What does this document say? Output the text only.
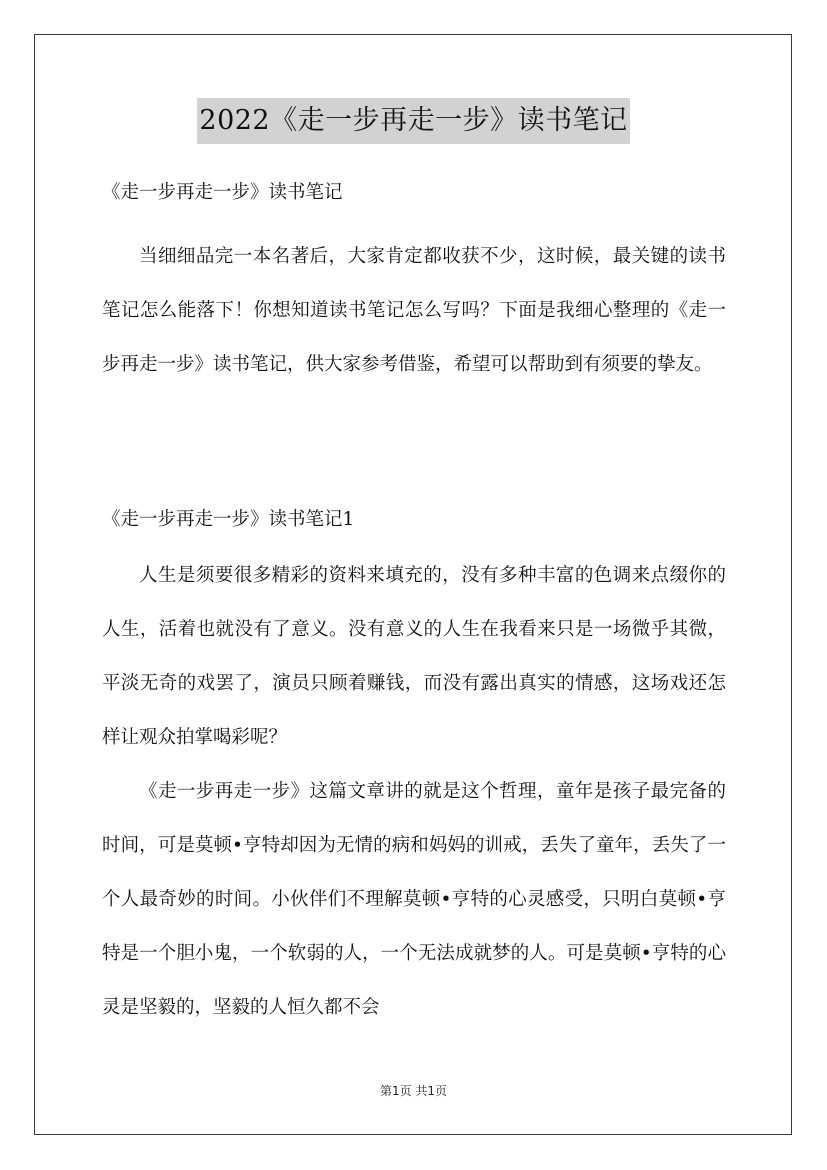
2022《走一步再走一步》读书笔记
《走一步再走一步》读书笔记
当细细品完一本名著后，大家肯定都收获不少，这时候，最关键的读书笔记怎么能落下！你想知道读书笔记怎么写吗？下面是我细心整理的《走一步再走一步》读书笔记，供大家参考借鉴，希望可以帮助到有须要的挚友。
《走一步再走一步》读书笔记1
人生是须要很多精彩的资料来填充的，没有多种丰富的色调来点缀你的人生，活着也就没有了意义。没有意义的人生在我看来只是一场微乎其微，平淡无奇的戏罢了，演员只顾着赚钱，而没有露出真实的情感，这场戏还怎样让观众拍掌喝彩呢？
《走一步再走一步》这篇文章讲的就是这个哲理，童年是孩子最完备的时间，可是莫顿•亨特却因为无情的病和妈妈的训戒，丢失了童年，丢失了一个人最奇妙的时间。小伙伴们不理解莫顿•亨特的心灵感受，只明白莫顿•亨特是一个胆小鬼，一个软弱的人，一个无法成就梦的人。可是莫顿•亨特的心灵是坚毅的，坚毅的人恒久都不会
第1页 共1页
